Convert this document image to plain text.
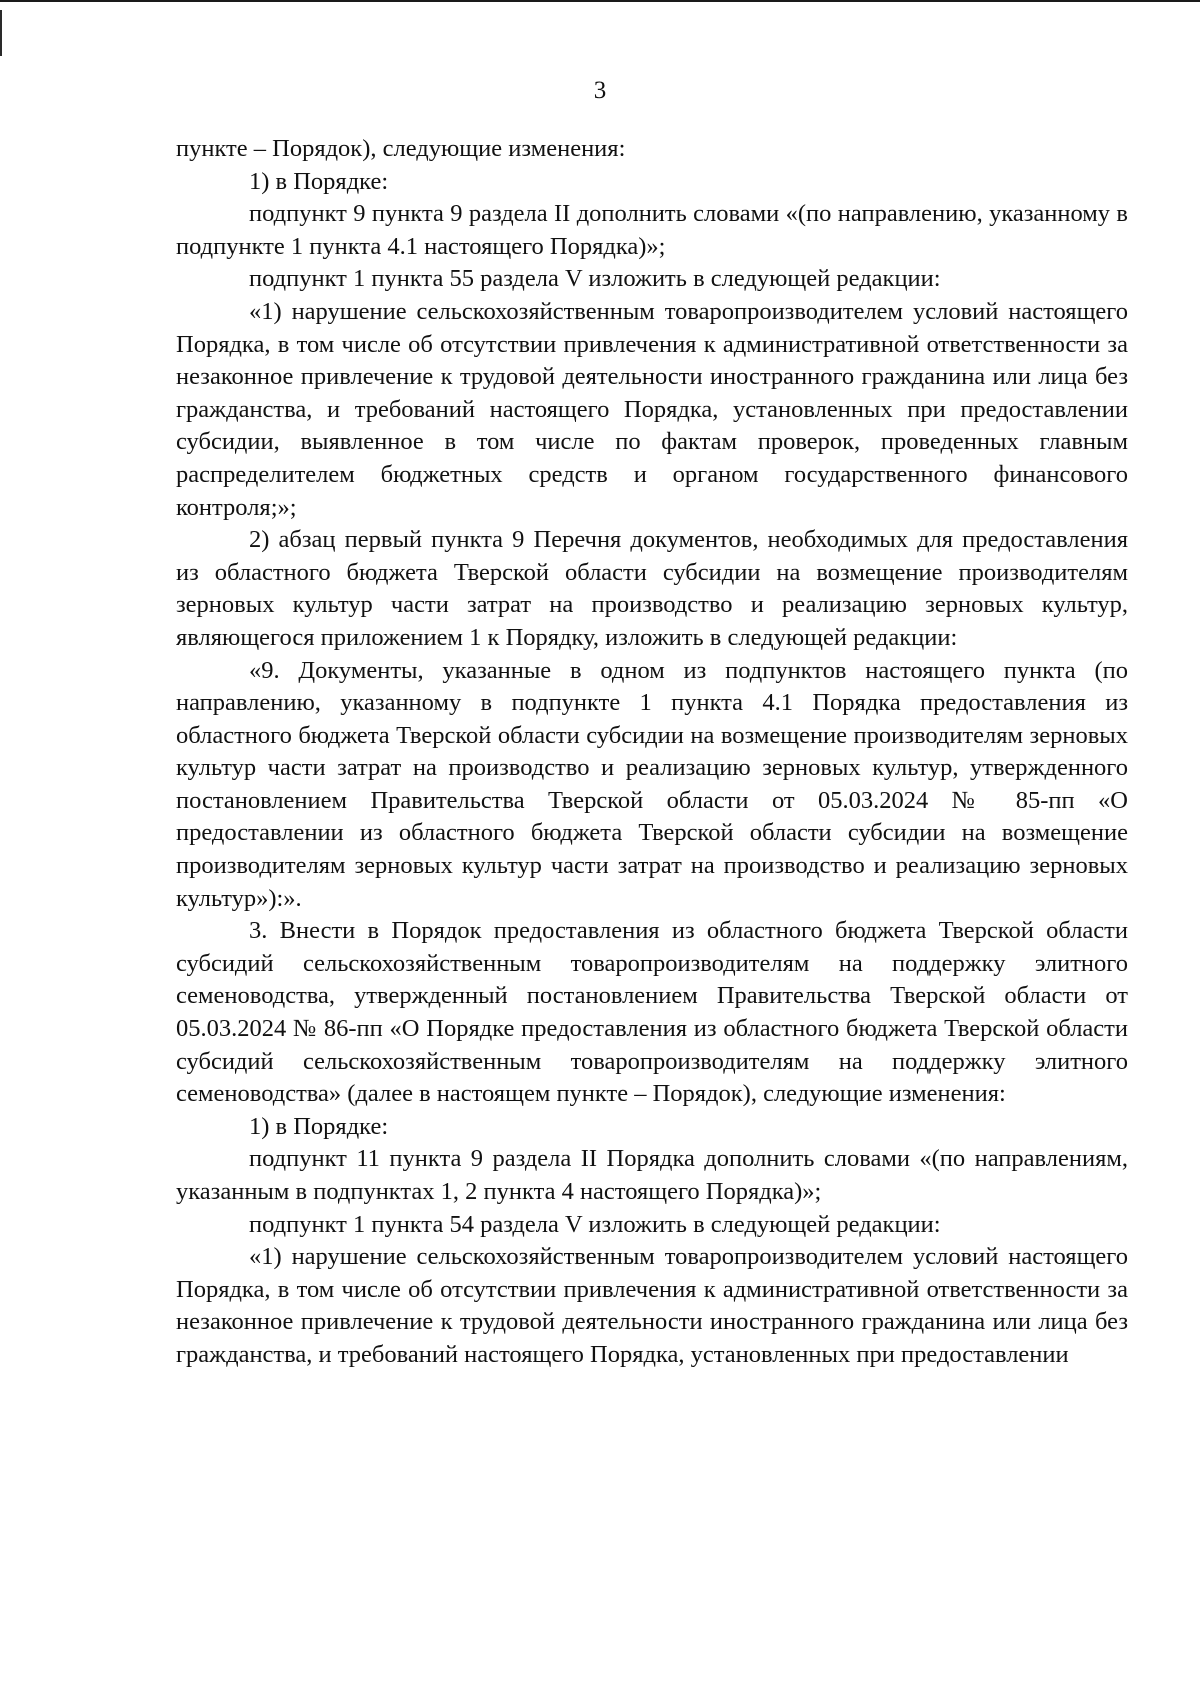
3

пункте – Порядок), следующие изменения:

1) в Порядке:

подпункт 9 пункта 9 раздела II дополнить словами «(по направлению, указанному в подпункте 1 пункта 4.1 настоящего Порядка)»;

подпункт 1 пункта 55 раздела V изложить в следующей редакции:

«1) нарушение сельскохозяйственным товаропроизводителем условий настоящего Порядка, в том числе об отсутствии привлечения к административной ответственности за незаконное привлечение к трудовой деятельности иностранного гражданина или лица без гражданства, и требований настоящего Порядка, установленных при предоставлении субсидии, выявленное в том числе по фактам проверок, проведенных главным распределителем бюджетных средств и органом государственного финансового контроля;»;

2) абзац первый пункта 9 Перечня документов, необходимых для предоставления из областного бюджета Тверской области субсидии на возмещение производителям зерновых культур части затрат на производство и реализацию зерновых культур, являющегося приложением 1 к Порядку, изложить в следующей редакции:

«9. Документы, указанные в одном из подпунктов настоящего пункта (по направлению, указанному в подпункте 1 пункта 4.1 Порядка предоставления из областного бюджета Тверской области субсидии на возмещение производителям зерновых культур части затрат на производство и реализацию зерновых культур, утвержденного постановлением Правительства Тверской области от 05.03.2024 № 85-пп «О предоставлении из областного бюджета Тверской области субсидии на возмещение производителям зерновых культур части затрат на производство и реализацию зерновых культур»):».

3. Внести в Порядок предоставления из областного бюджета Тверской области субсидий сельскохозяйственным товаропроизводителям на поддержку элитного семеноводства, утвержденный постановлением Правительства Тверской области от 05.03.2024 № 86-пп «О Порядке предоставления из областного бюджета Тверской области субсидий сельскохозяйственным товаропроизводителям на поддержку элитного семеноводства» (далее в настоящем пункте – Порядок), следующие изменения:

1) в Порядке:

подпункт 11 пункта 9 раздела II Порядка дополнить словами «(по направлениям, указанным в подпунктах 1, 2 пункта 4 настоящего Порядка)»;

подпункт 1 пункта 54 раздела V изложить в следующей редакции:

«1) нарушение сельскохозяйственным товаропроизводителем условий настоящего Порядка, в том числе об отсутствии привлечения к административной ответственности за незаконное привлечение к трудовой деятельности иностранного гражданина или лица без гражданства, и требований настоящего Порядка, установленных при предоставлении
